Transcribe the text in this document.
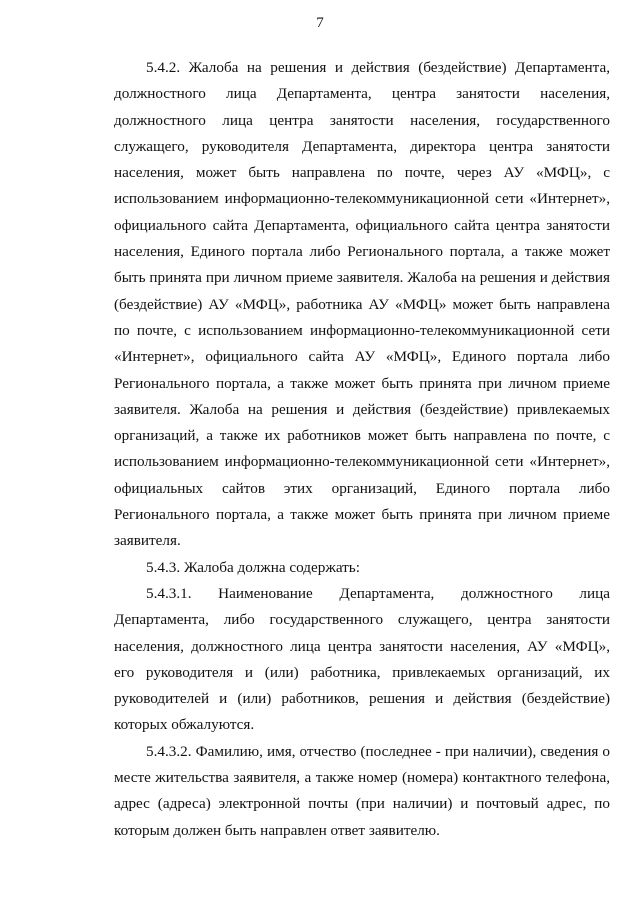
7

5.4.2. Жалоба на решения и действия (бездействие) Департамента, должностного лица Департамента, центра занятости населения, должностного лица центра занятости населения, государственного служащего, руководителя Департамента, директора центра занятости населения, может быть направлена по почте, через АУ «МФЦ», с использованием информационно-телекоммуникационной сети «Интернет», официального сайта Департамента, официального сайта центра занятости населения, Единого портала либо Регионального портала, а также может быть принята при личном приеме заявителя. Жалоба на решения и действия (бездействие) АУ «МФЦ», работника АУ «МФЦ» может быть направлена по почте, с использованием информационно-телекоммуникационной сети «Интернет», официального сайта АУ «МФЦ», Единого портала либо Регионального портала, а также может быть принята при личном приеме заявителя. Жалоба на решения и действия (бездействие) привлекаемых организаций, а также их работников может быть направлена по почте, с использованием информационно-телекоммуникационной сети «Интернет», официальных сайтов этих организаций, Единого портала либо Регионального портала, а также может быть принята при личном приеме заявителя.

5.4.3. Жалоба должна содержать:

5.4.3.1. Наименование Департамента, должностного лица Департамента, либо государственного служащего, центра занятости населения, должностного лица центра занятости населения, АУ «МФЦ», его руководителя и (или) работника, привлекаемых организаций, их руководителей и (или) работников, решения и действия (бездействие) которых обжалуются.

5.4.3.2. Фамилию, имя, отчество (последнее - при наличии), сведения о месте жительства заявителя, а также номер (номера) контактного телефона, адрес (адреса) электронной почты (при наличии) и почтовый адрес, по которым должен быть направлен ответ заявителю.
